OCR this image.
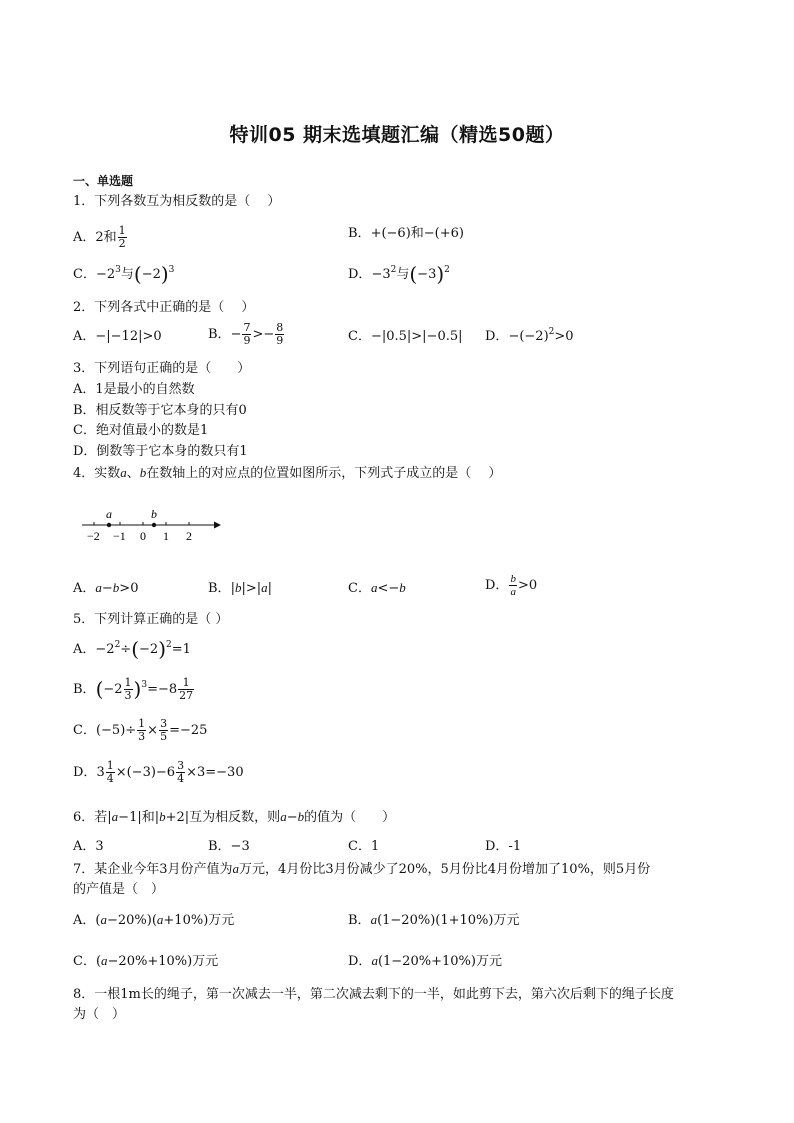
特训05 期末选填题汇编（精选50题）
一、单选题
1．下列各数互为相反数的是（　 ）
A．2和 $\frac{1}{2}$	B．+(−6)和−(+6)
C．$-2^3$与$(-2)^3$	D．$-3^2$与$(-3)^2$
2．下列各式中正确的是（　 ）
A．−|−12|>0	B．− $\frac{7}{9} >- \frac{8}{9}$	C．−|0.5|>|−0.5| D．$-(-2)^2>0$
3．下列语句正确的是（　　）
A．1是最小的自然数
B．相反数等于它本身的只有0
C．绝对值最小的数是1
D．倒数等于它本身的数只有1
4．实数a、b在数轴上的对应点的位置如图所示，下列式子成立的是（　 ）
a	b
−2 −1 0 1 2
A．a−b>0	B．|b|>|a|	C．a<−b	D． $\frac{b}{a} >0$
5．下列计算正确的是（ ）
A．$-2^2\div(-2)^2=1$
B．$(-2 \frac{1}{3} )^3=-8 \frac{1}{27}$
C．$(-5)\div \frac{1}{3} \times \frac{3}{5} =-25$
D．$3 \frac{1}{4} \times(-3)-6 \frac{3}{4} \times 3=-30$
6．若|a−1|和|b+2|互为相反数，则a−b的值为（　　）
A．3	B．−3	C．1	D．-1
7．某企业今年3月份产值为a万元，4月份比3月份减少了20%，5月份比4月份增加了10%，则5月份
的产值是（　）
A．(a−20%)(a+10%)万元	B．a(1−20%)(1+10%)万元
C．(a−20%+10%)万元	D．a(1−20%+10%)万元
8．一根1m长的绳子，第一次减去一半，第二次减去剩下的一半，如此剪下去，第六次后剩下的绳子长度
为（　）
